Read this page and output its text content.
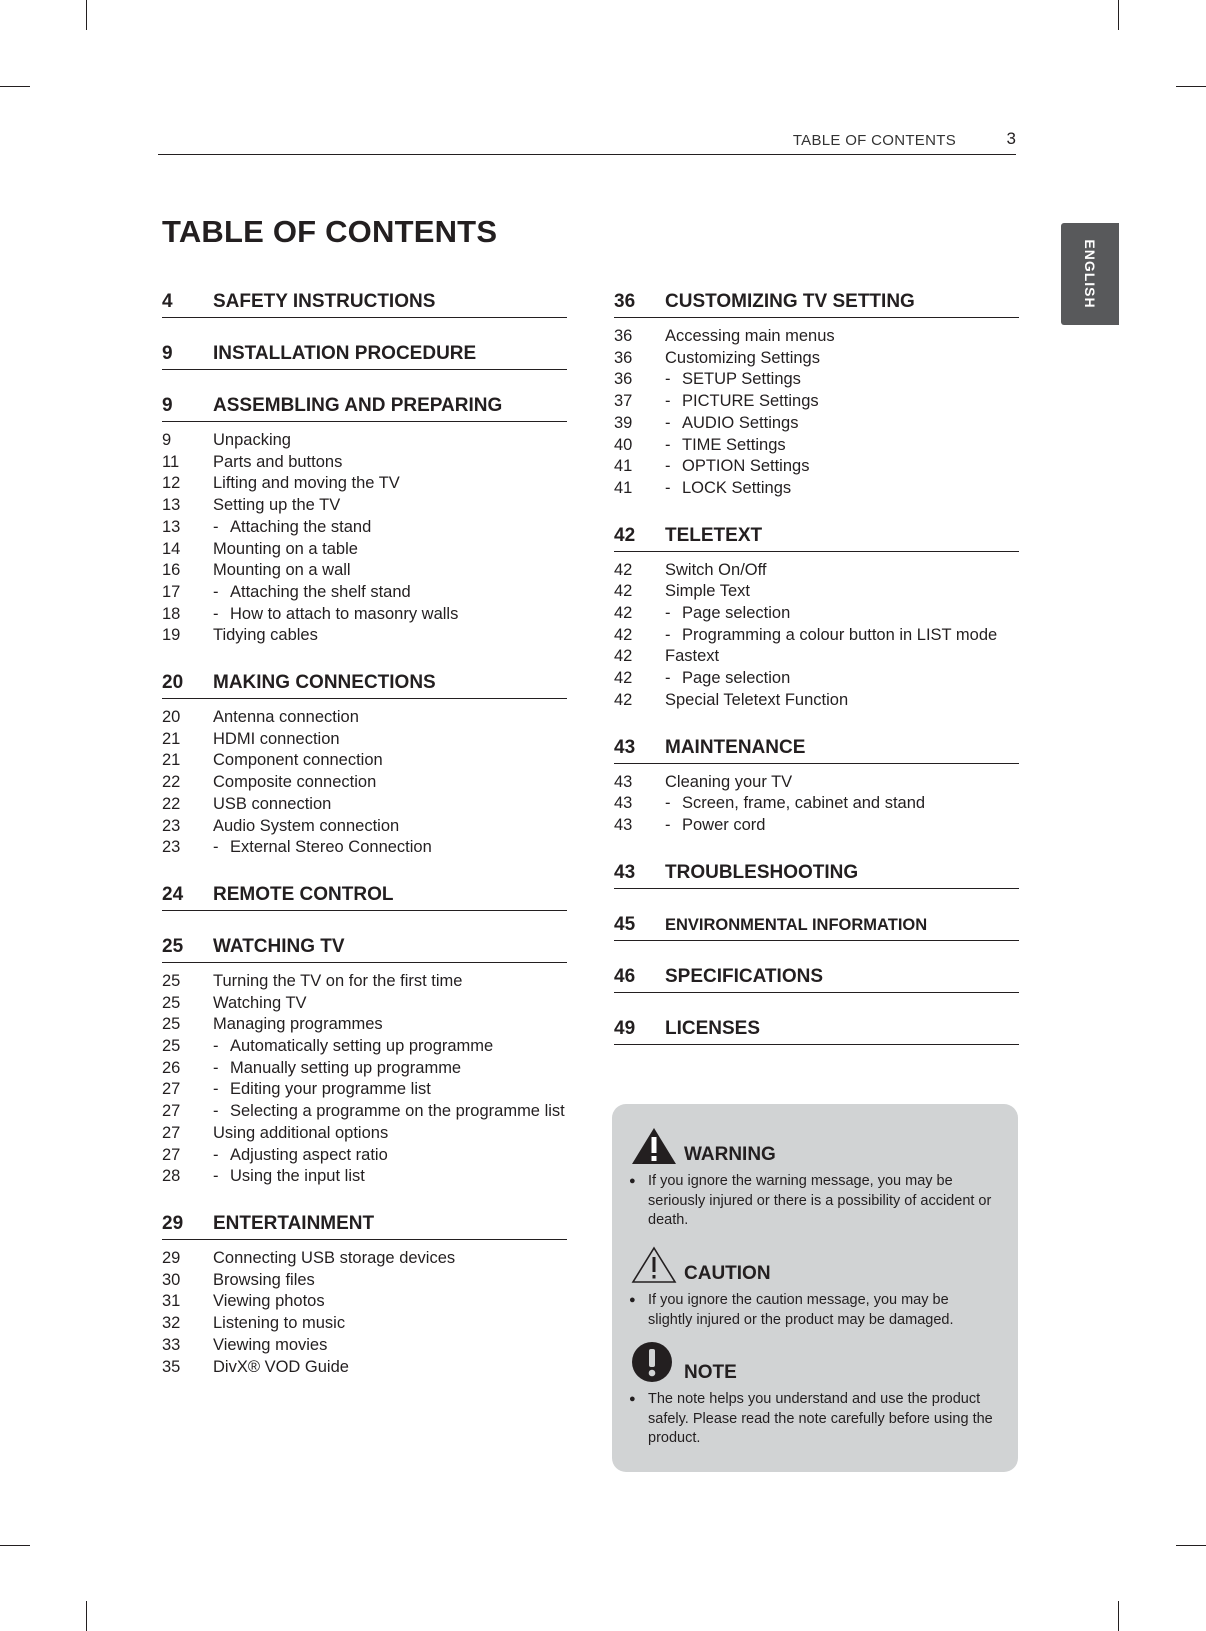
TABLE OF CONTENTS	3
ENGLISH
TABLE OF CONTENTS
4	SAFETY INSTRUCTIONS
9	INSTALLATION PROCEDURE
9	ASSEMBLING AND PREPARING
9	Unpacking
11	Parts and buttons
12	Lifting and moving the TV
13	Setting up the TV
13	- Attaching the stand
14	Mounting on a table
16	Mounting on a wall
17	- Attaching the shelf stand
18	- How to attach to masonry walls
19	Tidying cables
20	MAKING CONNECTIONS
20	Antenna connection
21	HDMI connection
21	Component connection
22	Composite connection
22	USB connection
23	Audio System connection
23	- External Stereo Connection
24	REMOTE CONTROL
25	WATCHING TV
25	Turning the TV on for the first time
25	Watching TV
25	Managing programmes
25	- Automatically setting up programme
26	- Manually setting up programme
27	- Editing your programme list
27	- Selecting a programme on the programme list
27	Using additional options
27	- Adjusting aspect ratio
28	- Using the input list
29	ENTERTAINMENT
29	Connecting USB storage devices
30	Browsing files
31	Viewing photos
32	Listening to music
33	Viewing movies
35	DivX® VOD Guide
36	CUSTOMIZING TV SETTING
36	Accessing main menus
36	Customizing Settings
36	- SETUP Settings
37	- PICTURE Settings
39	- AUDIO Settings
40	- TIME Settings
41	- OPTION Settings
41	- LOCK Settings
42	TELETEXT
42	Switch On/Off
42	Simple Text
42	- Page selection
42	- Programming a colour button in LIST mode
42	Fastext
42	- Page selection
42	Special Teletext Function
43	MAINTENANCE
43	Cleaning your TV
43	- Screen, frame, cabinet and stand
43	- Power cord
43	TROUBLESHOOTING
45	ENVIRONMENTAL INFORMATION
46	SPECIFICATIONS
49	LICENSES
WARNING
● If you ignore the warning message, you may be seriously injured or there is a possibility of accident or death.
CAUTION
● If you ignore the caution message, you may be slightly injured or the product may be damaged.
NOTE
● The note helps you understand and use the product safely. Please read the note carefully before using the product.
